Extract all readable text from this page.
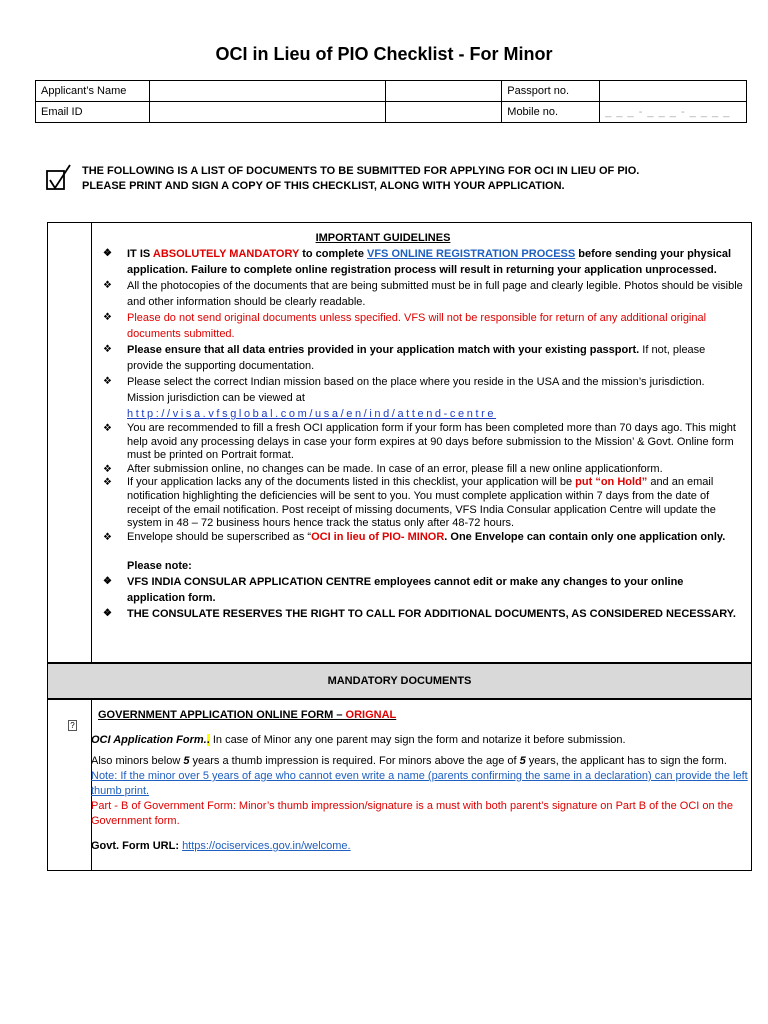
OCI in Lieu of PIO Checklist - For Minor
Applicant’s Name			Passport no.	
Email ID			Mobile no.	_ _ _ - _ _ _ - _ _ _ _
THE FOLLOWING IS A LIST OF DOCUMENTS TO BE SUBMITTED FOR APPLYING FOR OCI IN LIEU OF PIO. PLEASE PRINT AND SIGN A COPY OF THIS CHECKLIST, ALONG WITH YOUR APPLICATION.
IMPORTANT GUIDELINES
❖ IT IS ABSOLUTELY MANDATORY to complete VFS ONLINE REGISTRATION PROCESS before sending your physical application. Failure to complete online registration process will result in returning your application unprocessed.
❖ All the photocopies of the documents that are being submitted must be in full page and clearly legible. Photos should be visible and other information should be clearly readable.
❖ Please do not send original documents unless specified. VFS will not be responsible for return of any additional original documents submitted.
❖ Please ensure that all data entries provided in your application match with your existing passport. If not, please provide the supporting documentation.
❖ Please select the correct Indian mission based on the place where you reside in the USA and the mission’s jurisdiction. Mission jurisdiction can be viewed at
http://visa.vfsglobal.com/usa/en/ind/attend-centre
❖ You are recommended to fill a fresh OCI application form if your form has been completed more than 70 days ago. This might help avoid any processing delays in case your form expires at 90 days before submission to the Mission’ & Govt. Online form must be printed on Portrait format.
❖ After submission online, no changes can be made. In case of an error, please fill a new online applicationform.
❖ If your application lacks any of the documents listed in this checklist, your application will be put “on Hold” and an email notification highlighting the deficiencies will be sent to you. You must complete application within 7 days from the date of receipt of the email notification. Post receipt of missing documents, VFS India Consular application Centre will update the system in 48 – 72 business hours hence track the status only after 48-72 hours.
❖ Envelope should be superscribed as “OCI in lieu of PIO- MINOR. One Envelope can contain only one application only.
Please note:
❖ VFS INDIA CONSULAR APPLICATION CENTRE employees cannot edit or make any changes to your online application form.
❖ THE CONSULATE RESERVES THE RIGHT TO CALL FOR ADDITIONAL DOCUMENTS, AS CONSIDERED NECESSARY.
MANDATORY DOCUMENTS
?

GOVERNMENT APPLICATION ONLINE FORM – ORIGNAL

OCI Application Form.. In case of Minor any one parent may sign the form and notarize it before submission.

Also minors below 5 years a thumb impression is required. For minors above the age of 5 years, the applicant has to sign the form. Note: If the minor over 5 years of age who cannot even write a name (parents confirming the same in a declaration) can provide the left thumb print.

Part - B of Government Form: Minor’s thumb impression/signature is a must with both parent’s signature on Part B of the OCI on the Government form.

Govt. Form URL: https://ociservices.gov.in/welcome.
